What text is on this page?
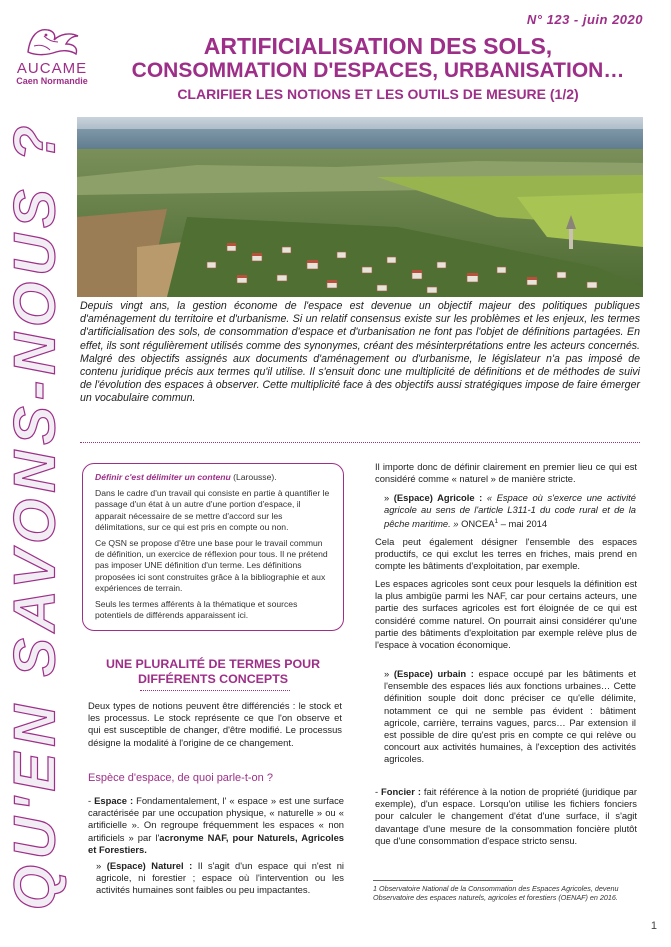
QU'EN SAVONS-NOUS ?
AUCAME
Caen Normandie
N° 123 - juin 2020
ARTIFICIALISATION DES SOLS,
CONSOMMATION D'ESPACES, URBANISATION…
CLARIFIER LES NOTIONS ET LES OUTILS DE MESURE (1/2)
Depuis vingt ans, la gestion économe de l'espace est devenue un objectif majeur des politiques publiques d'aménagement du territoire et d'urbanisme. Si un relatif consensus existe sur les problèmes et les enjeux, les termes d'artificialisation des sols, de consommation d'espace et d'urbanisation ne font pas l'objet de définitions partagées. En effet, ils sont régulièrement utilisés comme des synonymes, créant des mésinterprétations entre les acteurs concernés. Malgré des objectifs assignés aux documents d'aménagement ou d'urbanisme, le législateur n'a pas imposé de contenu juridique précis aux termes qu'il utilise. Il s'ensuit donc une multiplicité de définitions et de méthodes de suivi de l'évolution des espaces à observer. Cette multiplicité face à des objectifs aussi stratégiques impose de faire émerger un vocabulaire commun.

Définir c'est délimiter un contenu (Larousse).

Dans le cadre d'un travail qui consiste en partie à quantifier le passage d'un état à un autre d'une portion d'espace, il apparait nécessaire de se mettre d'accord sur les délimitations, sur ce qui est pris en compte ou non.

Ce QSN se propose d'être une base pour le travail commun de définition, un exercice de réflexion pour tous. Il ne prétend pas imposer UNE définition d'un terme. Les définitions proposées ici sont construites grâce à la bibliographie et aux expériences de terrain.

Seuls les termes afférents à la thématique et sources potentiels de différends apparaissent ici.

UNE PLURALITÉ DE TERMES POUR
DIFFÉRENTS CONCEPTS
Deux types de notions peuvent être différenciés : le stock et les processus. Le stock représente ce que l'on observe et qui est susceptible de changer, d'être modifié. Le processus désigne la modalité à l'origine de ce changement.
Espèce d'espace, de quoi parle-t-on ?
- Espace : Fondamentalement, l' « espace » est une surface caractérisée par une occupation physique, « naturelle » ou « artificielle ». On regroupe fréquemment les espaces « non artificiels » par l'acronyme NAF, pour Naturels, Agricoles et Forestiers.
» (Espace) Naturel : Il s'agit d'un espace qui n'est ni agricole, ni forestier ; espace où l'intervention ou les activités humaines sont faibles ou peu impactantes.
Il importe donc de définir clairement en premier lieu ce qui est considéré comme « naturel » de manière stricte.
» (Espace) Agricole : « Espace où s'exerce une activité agricole au sens de l'article L311-1 du code rural et de la pêche maritime. » ONCEA$^1$ – mai 2014
Cela peut également désigner l'ensemble des espaces productifs, ce qui exclut les terres en friches, mais prend en compte les bâtiments d'exploitation, par exemple.
Les espaces agricoles sont ceux pour lesquels la définition est la plus ambigüe parmi les NAF, car pour certains acteurs, une partie des surfaces agricoles est fort éloignée de ce qui est considéré comme naturel. On pourrait ainsi considérer qu'une partie des bâtiments d'exploitation par exemple relève plus de l'espace à vocation économique.
» (Espace) urbain : espace occupé par les bâtiments et l'ensemble des espaces liés aux fonctions urbaines… Cette définition souple doit donc préciser ce qu'elle délimite, notamment ce qui ne semble pas évident : bâtiment agricole, carrière, terrains vagues, parcs… Par extension il est possible de dire qu'est pris en compte ce qui relève ou concourt aux activités humaines, à l'exception des activités agricoles.
- Foncier : fait référence à la notion de propriété (juridique par exemple), d'un espace. Lorsqu'on utilise les fichiers fonciers pour calculer le changement d'état d'une surface, il s'agit davantage d'une mesure de la consommation foncière plutôt que d'une consommation d'espace stricto sensu.
1 Observatoire National de la Consommation des Espaces Agricoles, devenu Observatoire des espaces naturels, agricoles et forestiers (OENAF) en 2016.
1
